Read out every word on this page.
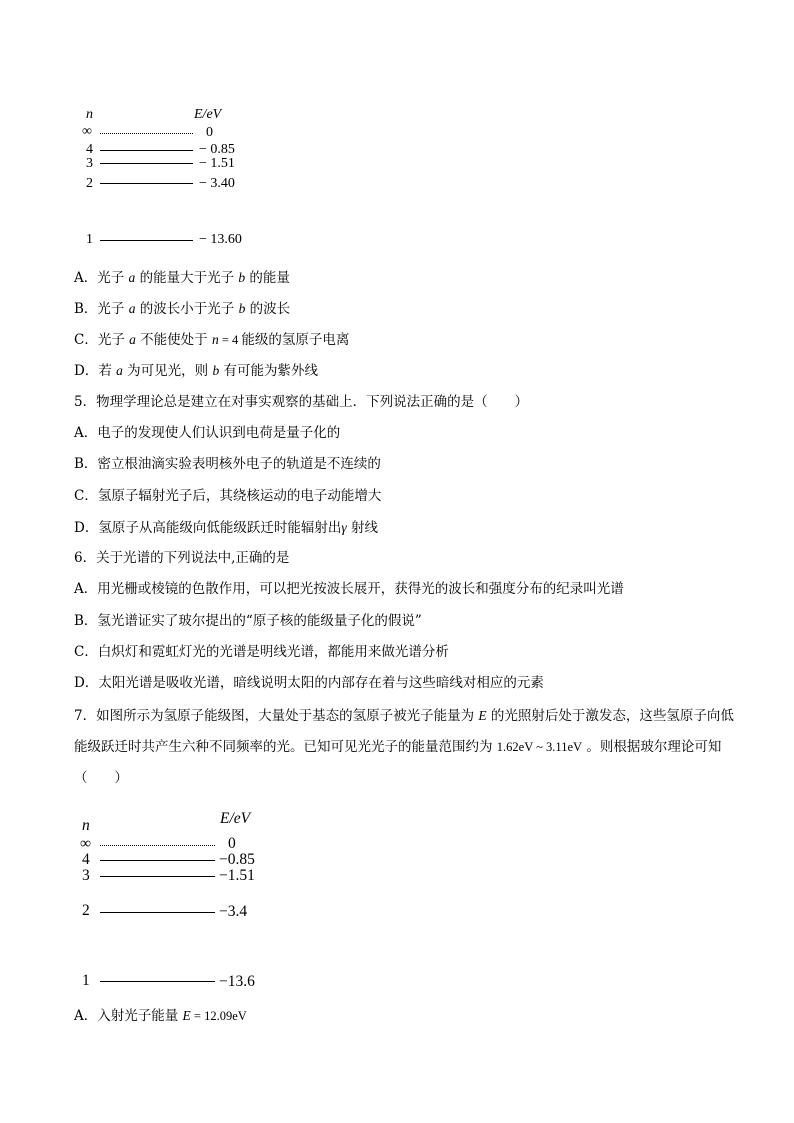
n	E/eV
∞	0
4	− 0.85
3	− 1.51
2	− 3.40
1	− 13.60
A．光子 a 的能量大于光子 b 的能量
B．光子 a 的波长小于光子 b 的波长
C．光子 a 不能使处于 n = 4 能级的氢原子电离
D．若 a 为可见光，则 b 有可能为紫外线
5．物理学理论总是建立在对事实观察的基础上．下列说法正确的是（　　）
A．电子的发现使人们认识到电荷是量子化的
B．密立根油滴实验表明核外电子的轨道是不连续的
C．氢原子辐射光子后，其绕核运动的电子动能增大
D．氢原子从高能级向低能级跃迁时能辐射出γ 射线
6．关于光谱的下列说法中,正确的是
A．用光栅或棱镜的色散作用，可以把光按波长展开，获得光的波长和强度分布的纪录叫光谱
B．氢光谱证实了玻尔提出的“原子核的能级量子化的假说”
C．白炽灯和霓虹灯光的光谱是明线光谱，都能用来做光谱分析
D．太阳光谱是吸收光谱，暗线说明太阳的内部存在着与这些暗线对相应的元素
7．如图所示为氢原子能级图，大量处于基态的氢原子被光子能量为 E 的光照射后处于激发态，这些氢原子向低能级跃迁时共产生六种不同频率的光。已知可见光光子的能量范围约为 1.62eV ~ 3.11eV 。则根据玻尔理论可知（　　）
n	E/eV
∞	0
4	−0.85
3	−1.51
2	−3.4
1	−13.6
A．入射光子能量 E = 12.09eV
